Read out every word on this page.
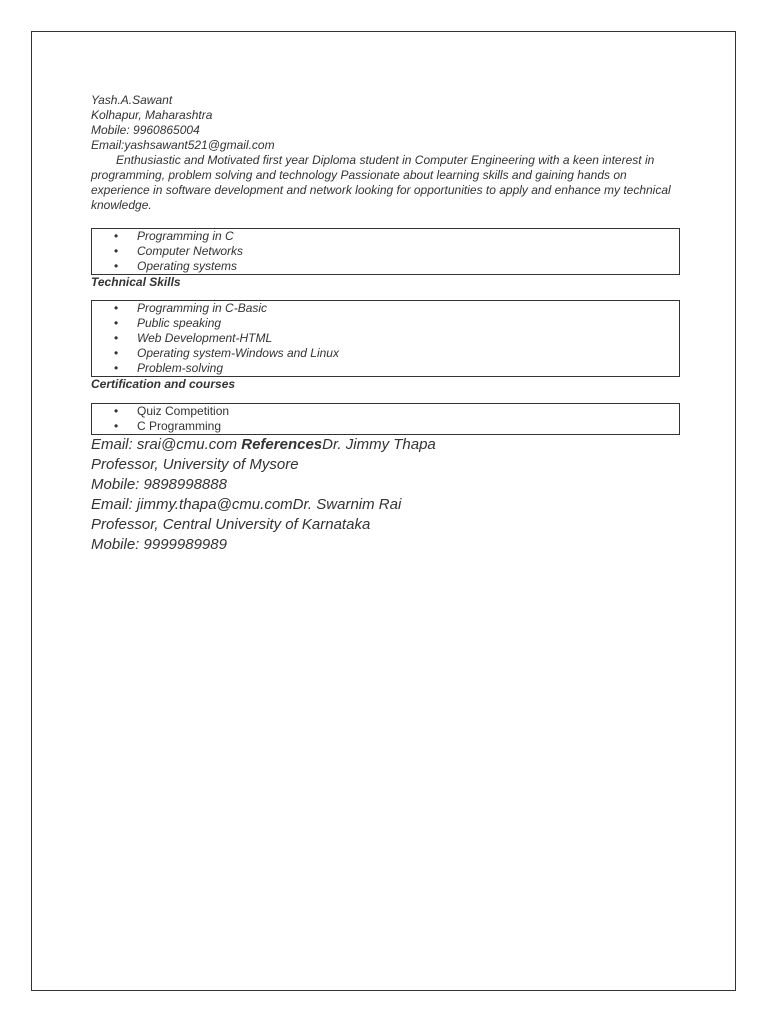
Yash.A.Sawant
Kolhapur, Maharashtra
Mobile: 9960865004
Email:yashsawant521@gmail.com

Enthusiastic and Motivated first year Diploma student in Computer Engineering with a keen interest in programming, problem solving and technology Passionate about learning skills and gaining hands on experience in software development and network looking for opportunities to apply and enhance my technical knowledge.

• Programming in C
• Computer Networks
• Operating systems

Technical Skills

• Programming in C-Basic
• Public speaking
• Web Development-HTML
• Operating system-Windows and Linux
• Problem-solving

Certification and courses

• Quiz Competition
• C Programming
Email: srai@cmu.com ReferencesDr. Jimmy Thapa
Professor, University of Mysore
Mobile: 9898998888
Email: jimmy.thapa@cmu.comDr. Swarnim Rai
Professor, Central University of Karnataka
Mobile: 9999989989
